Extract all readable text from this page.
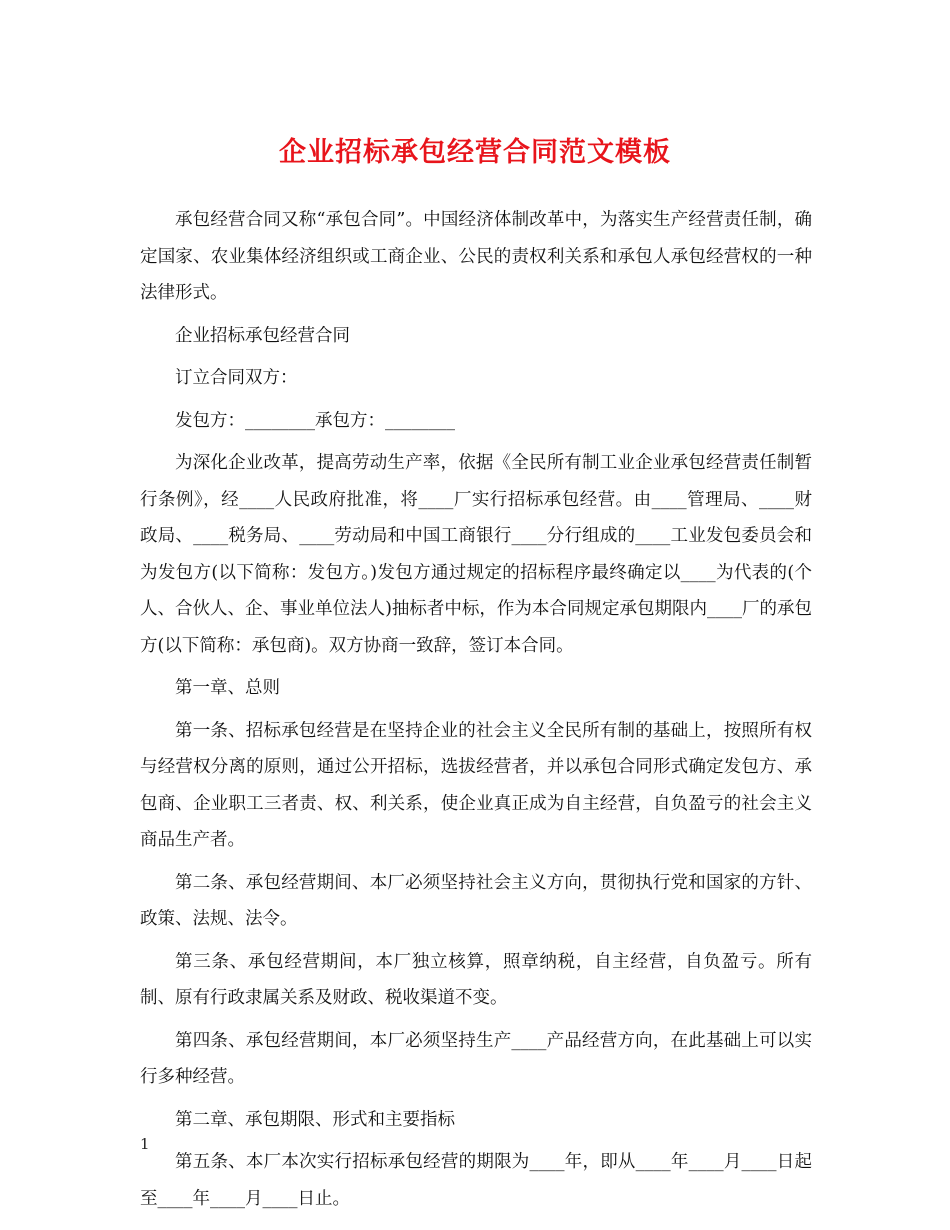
企业招标承包经营合同范文模板

承包经营合同又称“承包合同”。中国经济体制改革中，为落实生产经营责任制，确定国家、农业集体经济组织或工商企业、公民的责权利关系和承包人承包经营权的一种法律形式。

企业招标承包经营合同

订立合同双方：

发包方：________承包方：________

为深化企业改革，提高劳动生产率，依据《全民所有制工业企业承包经营责任制暂行条例》，经____人民政府批准，将____厂实行招标承包经营。由____管理局、____财政局、____税务局、____劳动局和中国工商银行____分行组成的____工业发包委员会和为发包方(以下简称：发包方。)发包方通过规定的招标程序最终确定以____为代表的(个人、合伙人、企、事业单位法人)抽标者中标，作为本合同规定承包期限内____厂的承包方(以下简称：承包商)。双方协商一致辞，签订本合同。

第一章、总则

第一条、招标承包经营是在坚持企业的社会主义全民所有制的基础上，按照所有权与经营权分离的原则，通过公开招标，选拔经营者，并以承包合同形式确定发包方、承包商、企业职工三者责、权、利关系，使企业真正成为自主经营，自负盈亏的社会主义商品生产者。

第二条、承包经营期间、本厂必须坚持社会主义方向，贯彻执行党和国家的方针、政策、法规、法令。

第三条、承包经营期间，本厂独立核算，照章纳税，自主经营，自负盈亏。所有制、原有行政隶属关系及财政、税收渠道不变。

第四条、承包经营期间，本厂必须坚持生产____产品经营方向，在此基础上可以实行多种经营。

第二章、承包期限、形式和主要指标

第五条、本厂本次实行招标承包经营的期限为____年，即从____年____月____日起至____年____月____日止。

1
